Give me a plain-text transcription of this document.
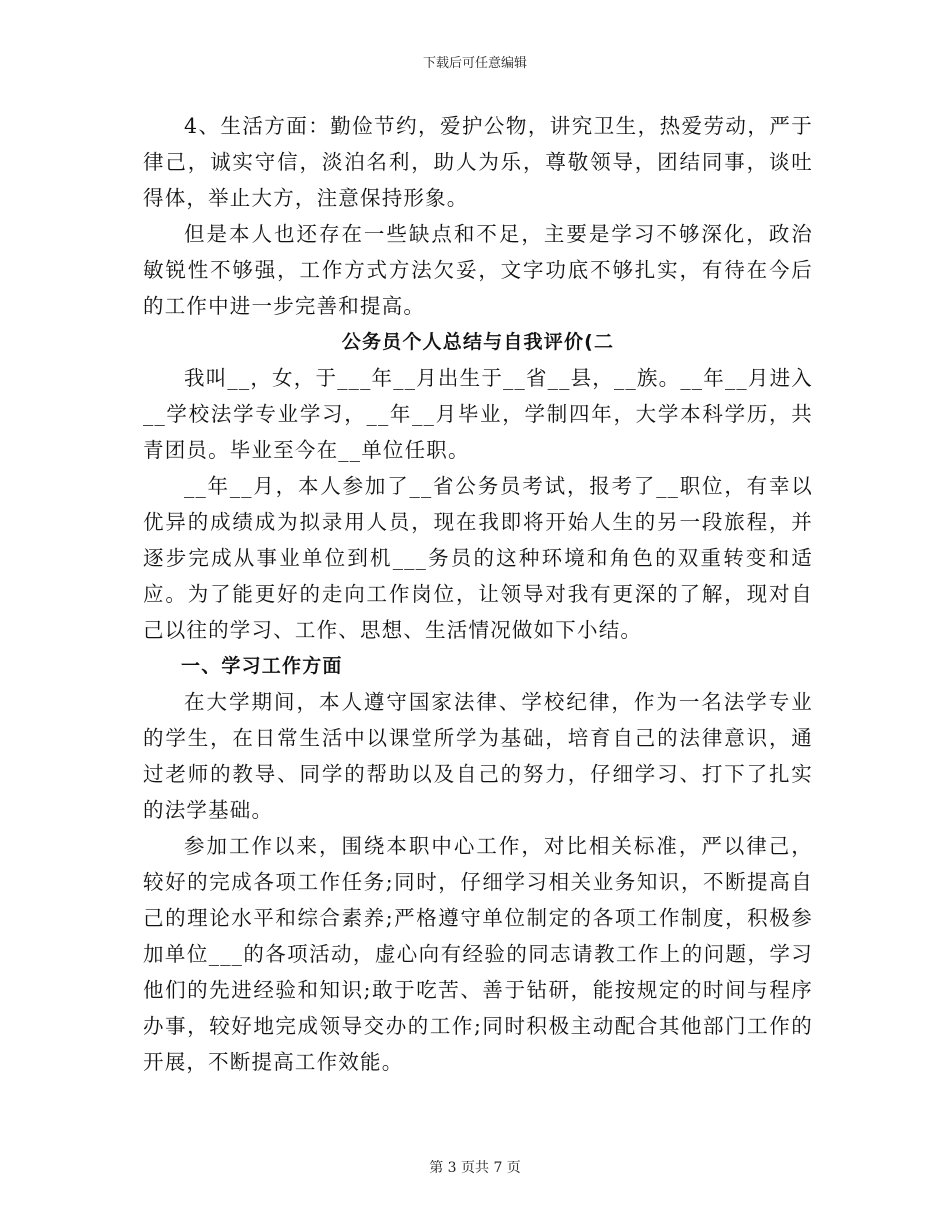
下载后可任意编辑

4、生活方面：勤俭节约，爱护公物，讲究卫生，热爱劳动，严于律己，诚实守信，淡泊名利，助人为乐，尊敬领导，团结同事，谈吐得体，举止大方，注意保持形象。

但是本人也还存在一些缺点和不足，主要是学习不够深化，政治敏锐性不够强，工作方式方法欠妥，文字功底不够扎实，有待在今后的工作中进一步完善和提高。

公务员个人总结与自我评价(二

我叫__，女，于___年__月出生于__省__县，__族。__年__月进入__学校法学专业学习，__年__月毕业，学制四年，大学本科学历，共青团员。毕业至今在__单位任职。

__年__月，本人参加了__省公务员考试，报考了__职位，有幸以优异的成绩成为拟录用人员，现在我即将开始人生的另一段旅程，并逐步完成从事业单位到机___务员的这种环境和角色的双重转变和适应。为了能更好的走向工作岗位，让领导对我有更深的了解，现对自己以往的学习、工作、思想、生活情况做如下小结。

一、学习工作方面

在大学期间，本人遵守国家法律、学校纪律，作为一名法学专业的学生，在日常生活中以课堂所学为基础，培育自己的法律意识，通过老师的教导、同学的帮助以及自己的努力，仔细学习、打下了扎实的法学基础。

参加工作以来，围绕本职中心工作，对比相关标准，严以律己，较好的完成各项工作任务;同时，仔细学习相关业务知识，不断提高自己的理论水平和综合素养;严格遵守单位制定的各项工作制度，积极参加单位___的各项活动，虚心向有经验的同志请教工作上的问题，学习他们的先进经验和知识;敢于吃苦、善于钻研，能按规定的时间与程序办事，较好地完成领导交办的工作;同时积极主动配合其他部门工作的开展，不断提高工作效能。

第 3 页共 7 页
